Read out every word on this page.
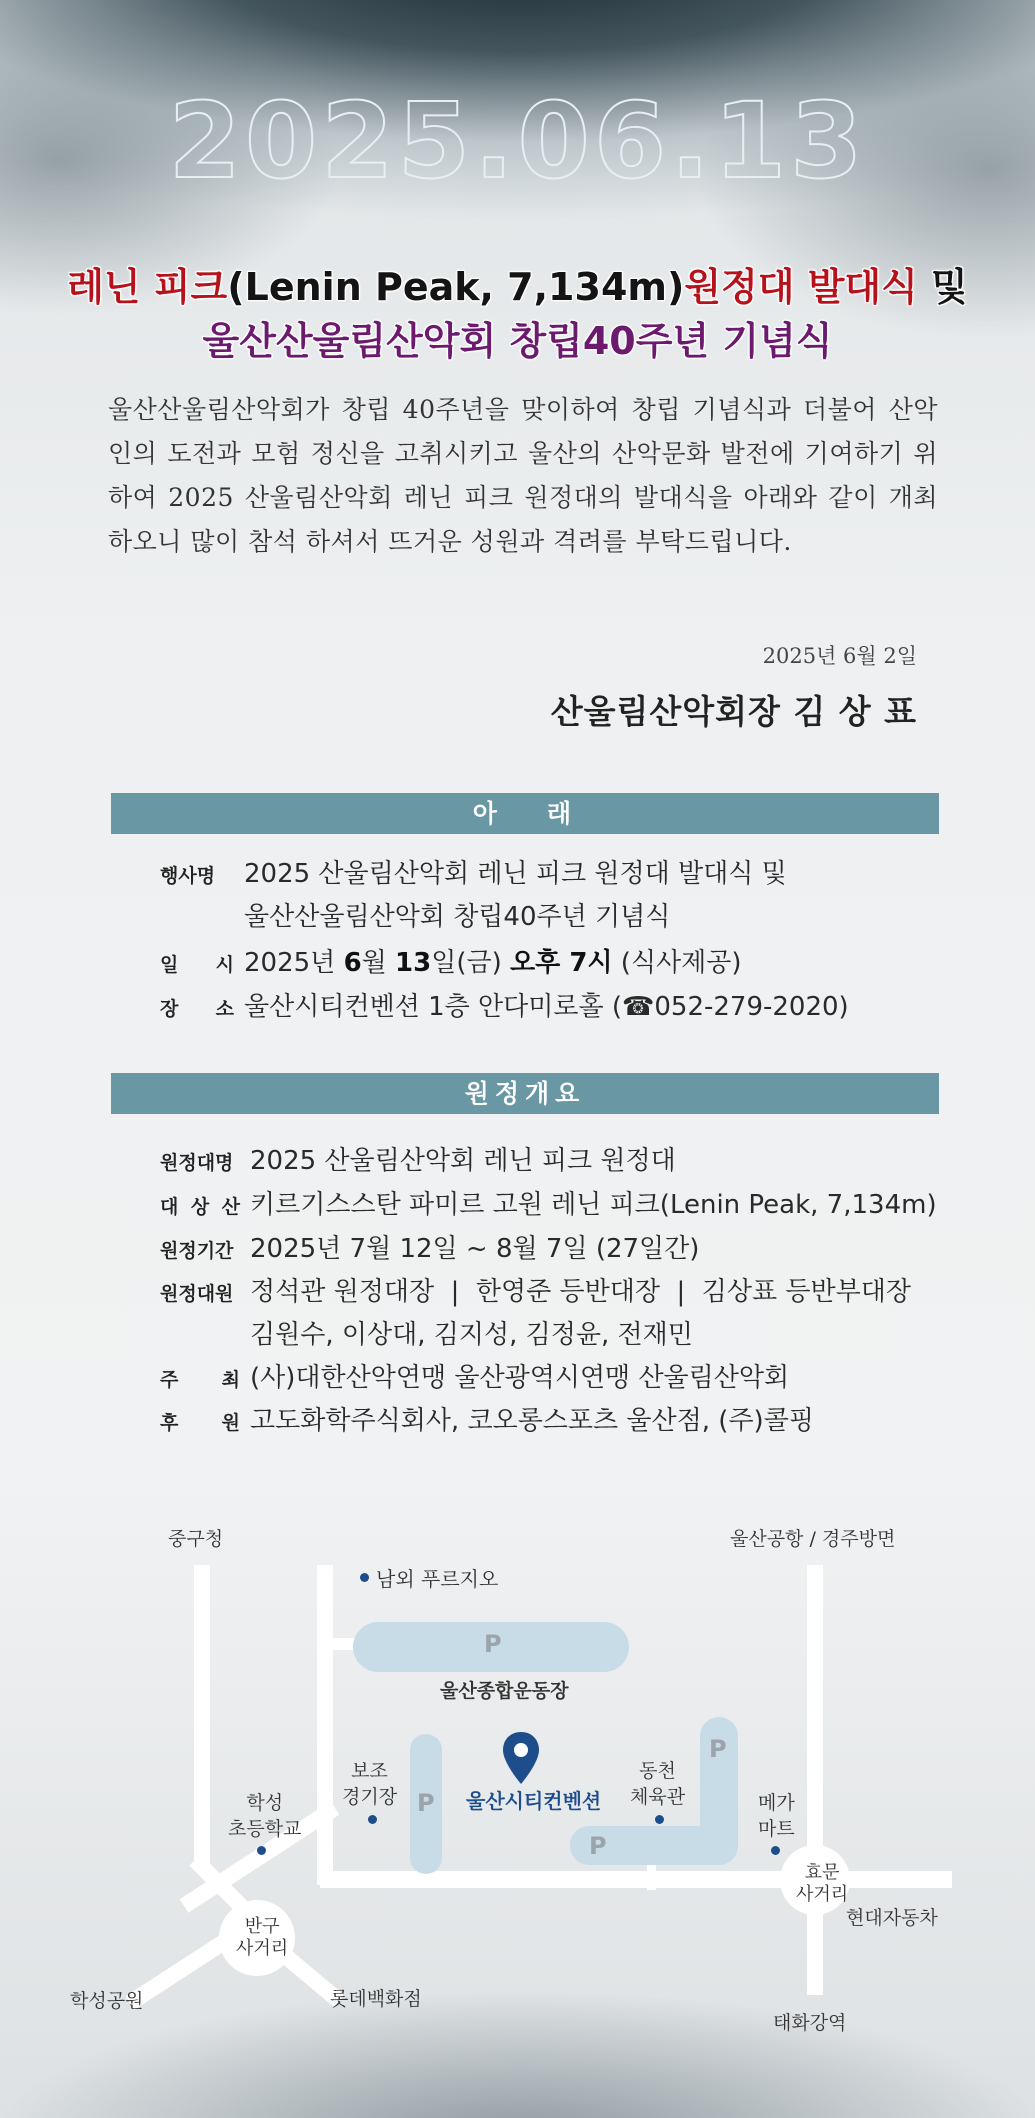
2025.06.13
레닌 피크(Lenin Peak, 7,134m)원정대 발대식 및
울산산울림산악회 창립40주년 기념식
울산산울림산악회가 창립 40주년을 맞이하여 창립 기념식과 더불어 산악인의 도전과 모험 정신을 고취시키고 울산의 산악문화 발전에 기여하기 위하여 2025 산울림산악회 레닌 피크 원정대의 발대식을 아래와 같이 개최하오니 많이 참석 하셔서 뜨거운 성원과 격려를 부탁드립니다.
2025년 6월 2일
산울림산악회장 김 상 표
아   래
행사명	2025 산울림산악회 레닌 피크 원정대 발대식 및
울산산울림산악회 창립40주년 기념식
일 시 2025년 6월 13일(금) 오후 7시 (식사제공)
장 소 울산시티컨벤션 1층 안다미로홀 (☎052-279-2020)
원정개요
원정대명 2025 산울림산악회 레닌 피크 원정대
대 상 산 키르기스스탄 파미르 고원 레닌 피크(Lenin Peak, 7,134m)
원정기간 2025년 7월 12일 ~ 8월 7일 (27일간)
원정대원 정석관 원정대장  |  한영준 등반대장  |  김상표 등반부대장
김원수, 이상대, 김지성, 김정윤, 전재민
주 최 (사)대한산악연맹 울산광역시연맹 산울림산악회
후 원 고도화학주식회사, 코오롱스포츠 울산점, (주)콜핑
P
P
P
P
중구청	울산공항 / 경주방면
남외 푸르지오
울산종합운동장
보조
경기장	울산시티컨벤션
동천
체육관
학성
초등학교
메가
마트
효문
사거리
현대자동차
반구
사거리
학성공원	롯데백화점
태화강역
